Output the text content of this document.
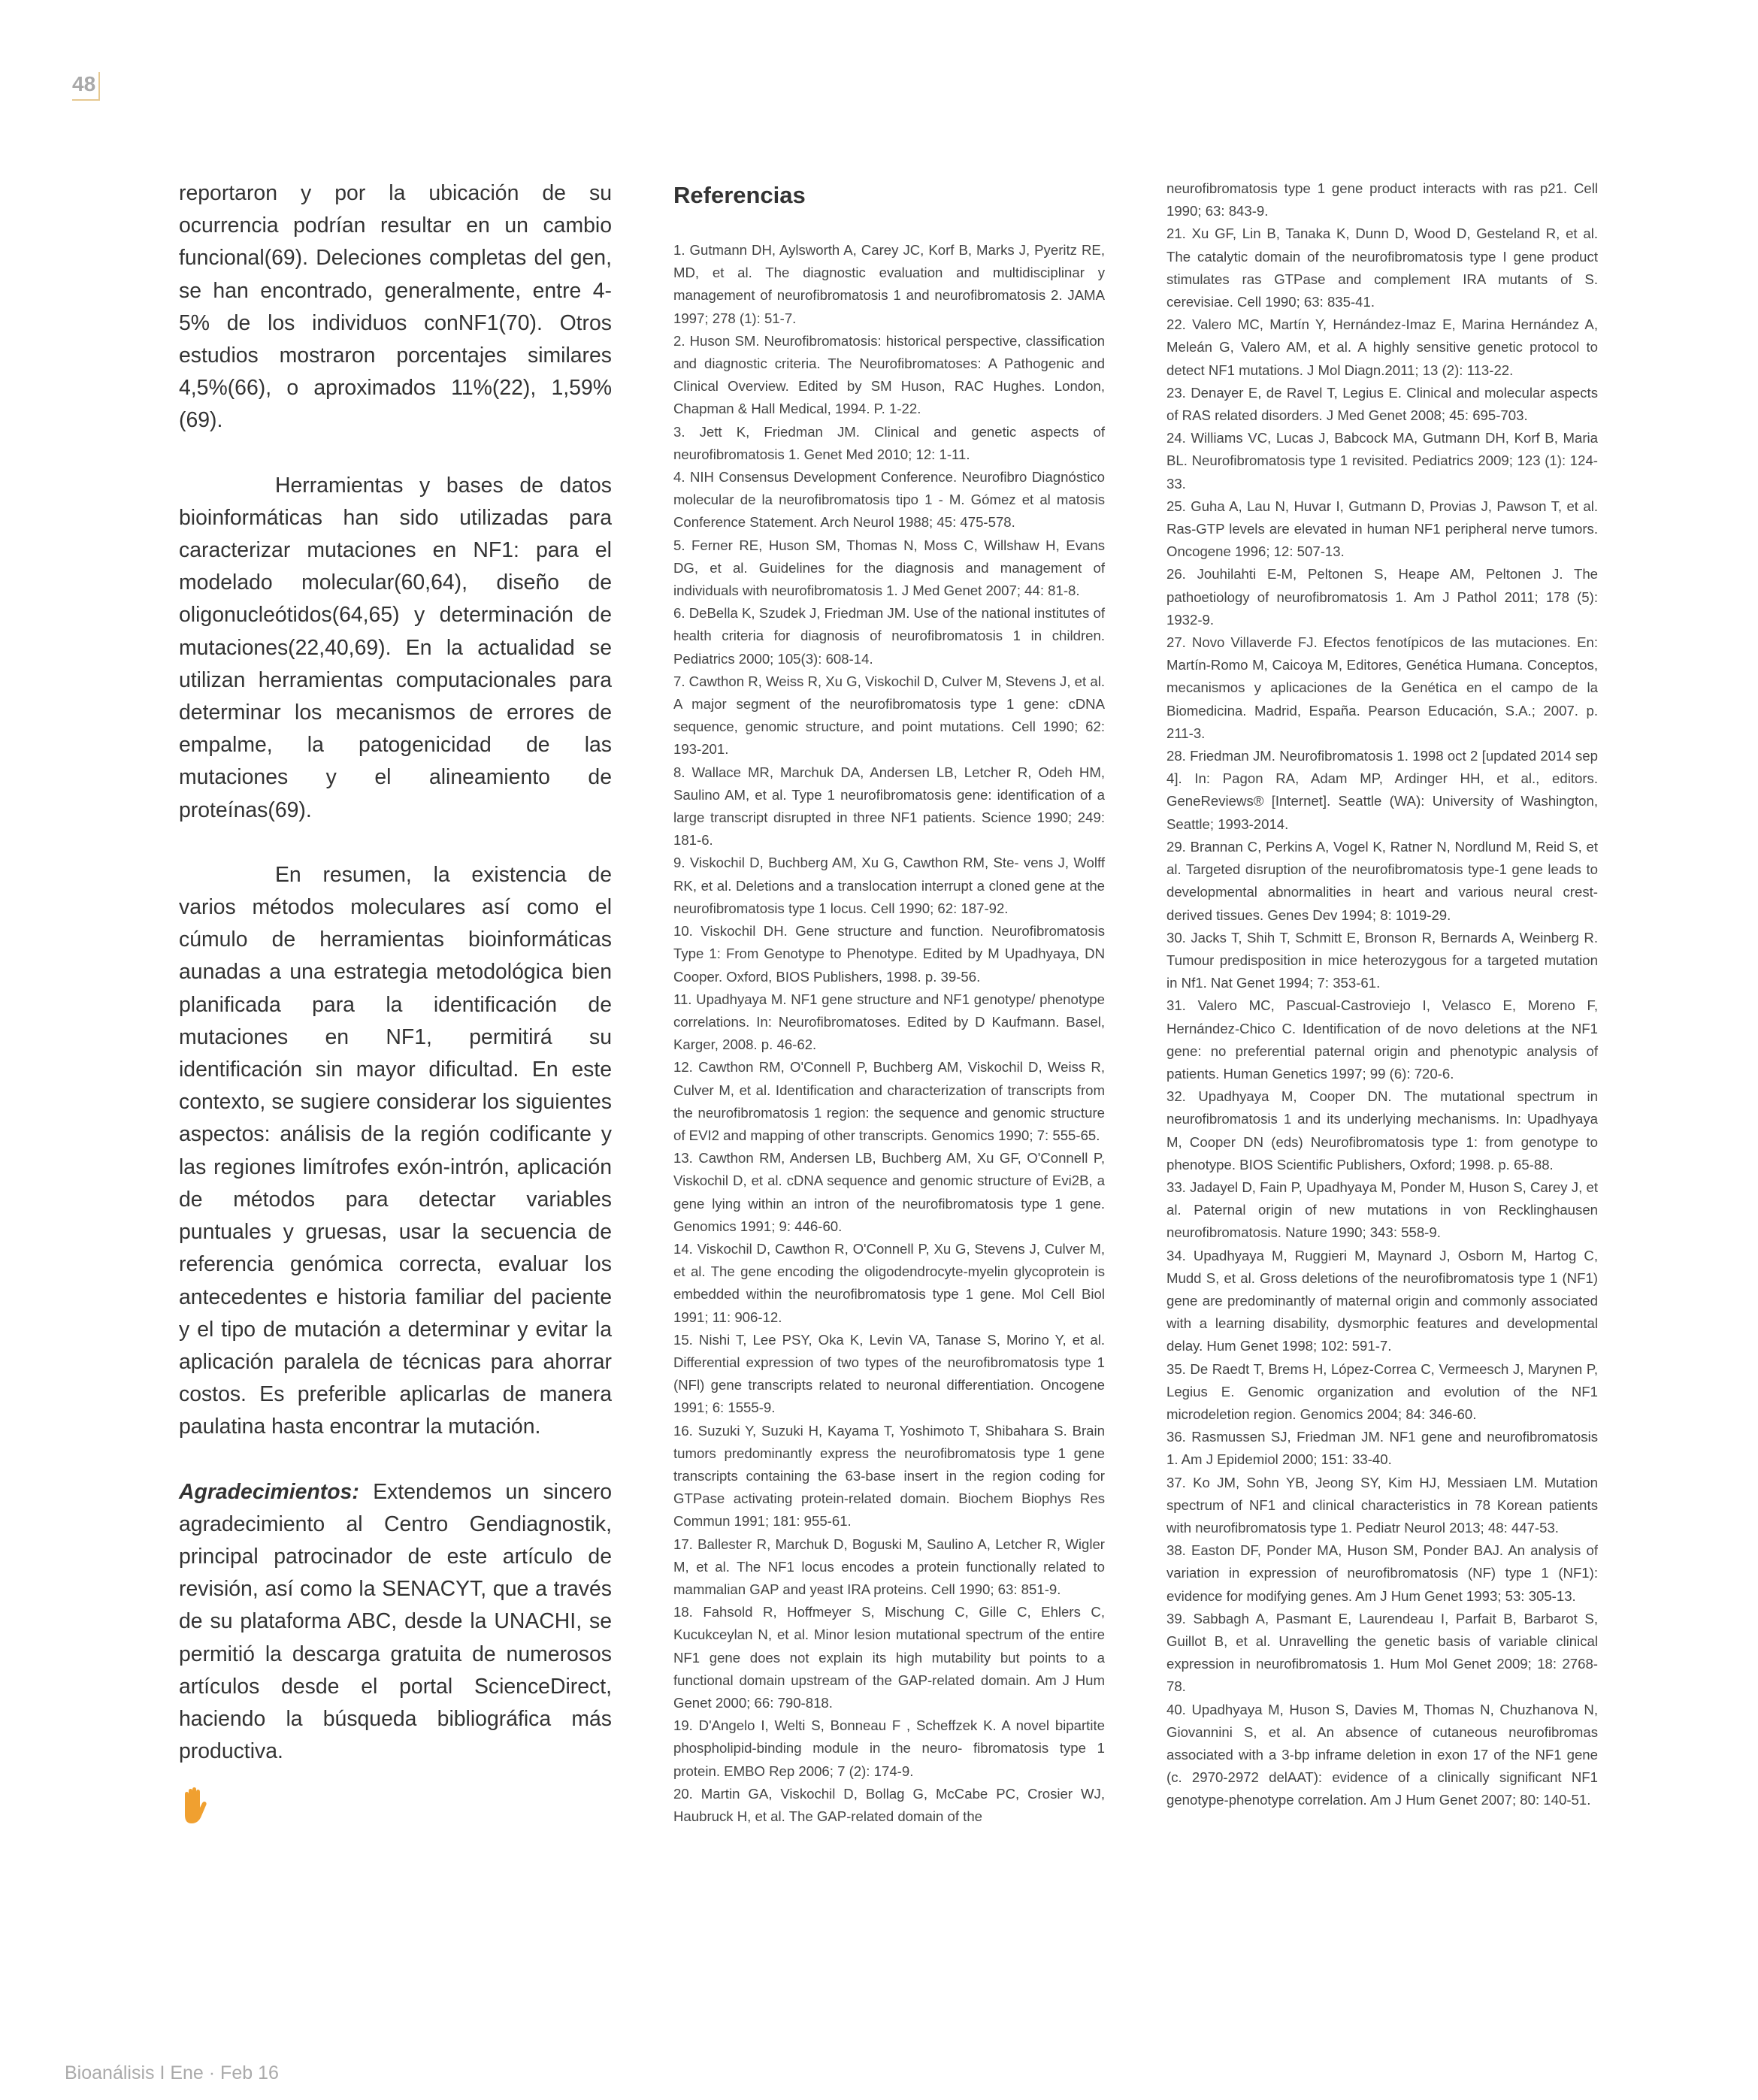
48

reportaron y por la ubicación de su ocurrencia podrían resultar en un cambio funcional(69). Deleciones completas del gen, se han encontrado, generalmente, entre 4-5% de los individuos conNF1(70). Otros estudios mostraron porcentajes similares 4,5%(66), o aproximados 11%(22), 1,59%(69).

Herramientas y bases de datos bioinformáticas han sido utilizadas para caracterizar mutaciones en NF1: para el modelado molecular(60,64), diseño de oligonucleótidos(64,65) y determinación de mutaciones(22,40,69). En la actualidad se utilizan herramientas computacionales para determinar los mecanismos de errores de empalme, la patogenicidad de las mutaciones y el alineamiento de proteínas(69).

En resumen, la existencia de varios métodos moleculares así como el cúmulo de herramientas bioinformáticas aunadas a una estrategia metodológica bien planificada para la identificación de mutaciones en NF1, permitirá su identificación sin mayor dificultad. En este contexto, se sugiere considerar los siguientes aspectos: análisis de la región codificante y las regiones limítrofes exón-intrón, aplicación de métodos para detectar variables puntuales y gruesas, usar la secuencia de referencia genómica correcta, evaluar los antecedentes e historia familiar del paciente y el tipo de mutación a determinar y evitar la aplicación paralela de técnicas para ahorrar costos. Es preferible aplicarlas de manera paulatina hasta encontrar la mutación.

Agradecimientos: Extendemos un sincero agradecimiento al Centro Gendiagnostik, principal patrocinador de este artículo de revisión, así como la SENACYT, que a través de su plataforma ABC, desde la UNACHI, se permitió la descarga gratuita de numerosos artículos desde el portal ScienceDirect, haciendo la búsqueda bibliográfica más productiva.

Referencias

1. Gutmann DH, Aylsworth A, Carey JC, Korf B, Marks J, Pyeritz RE, MD, et al. The diagnostic evaluation and multidisciplinar y management of neurofibromatosis 1 and neurofibromatosis 2. JAMA 1997; 278 (1): 51-7.

2. Huson SM. Neurofibromatosis: historical perspective, classification and diagnostic criteria. The Neurofibromatoses: A Pathogenic and Clinical Overview. Edited by SM Huson, RAC Hughes. London, Chapman & Hall Medical, 1994. P. 1-22.

3. Jett K, Friedman JM. Clinical and genetic aspects of neurofibromatosis 1. Genet Med 2010; 12: 1-11.

4. NIH Consensus Development Conference. Neurofibro Diagnóstico molecular de la neurofibromatosis tipo 1 - M. Gómez et al matosis Conference Statement. Arch Neurol 1988; 45: 475-578.

5. Ferner RE, Huson SM, Thomas N, Moss C, Willshaw H, Evans DG, et al. Guidelines for the diagnosis and management of individuals with neurofibromatosis 1. J Med Genet 2007; 44: 81-8.

6. DeBella K, Szudek J, Friedman JM. Use of the national institutes of health criteria for diagnosis of neurofibromatosis 1 in children. Pediatrics 2000; 105(3): 608-14.

7. Cawthon R, Weiss R, Xu G, Viskochil D, Culver M, Stevens J, et al. A major segment of the neurofibromatosis type 1 gene: cDNA sequence, genomic structure, and point mutations. Cell 1990; 62: 193-201.

8. Wallace MR, Marchuk DA, Andersen LB, Letcher R, Odeh HM, Saulino AM, et al. Type 1 neurofibromatosis gene: identification of a large transcript disrupted in three NF1 patients. Science 1990; 249: 181-6.

9. Viskochil D, Buchberg AM, Xu G, Cawthon RM, Ste- vens J, Wolff RK, et al. Deletions and a translocation interrupt a cloned gene at the neurofibromatosis type 1 locus. Cell 1990; 62: 187-92.

10. Viskochil DH. Gene structure and function. Neurofibromatosis Type 1: From Genotype to Phenotype. Edited by M Upadhyaya, DN Cooper. Oxford, BIOS Publishers, 1998. p. 39-56.

11. Upadhyaya M. NF1 gene structure and NF1 genotype/ phenotype correlations. In: Neurofibromatoses. Edited by D Kaufmann. Basel, Karger, 2008. p. 46-62.

12. Cawthon RM, O'Connell P, Buchberg AM, Viskochil D, Weiss R, Culver M, et al. Identification and characterization of transcripts from the neurofibromatosis 1 region: the sequence and genomic structure of EVI2 and mapping of other transcripts. Genomics 1990; 7: 555-65.

13. Cawthon RM, Andersen LB, Buchberg AM, Xu GF, O'Connell P, Viskochil D, et al. cDNA sequence and genomic structure of Evi2B, a gene lying within an intron of the neurofibromatosis type 1 gene. Genomics 1991; 9: 446-60.

14. Viskochil D, Cawthon R, O'Connell P, Xu G, Stevens J, Culver M, et al. The gene encoding the oligodendrocyte-myelin glycoprotein is embedded within the neurofibromatosis type 1 gene. Mol Cell Biol 1991; 11: 906-12.

15. Nishi T, Lee PSY, Oka K, Levin VA, Tanase S, Morino Y, et al. Differential expression of two types of the neurofibromatosis type 1 (NFl) gene transcripts related to neuronal differentiation. Oncogene 1991; 6: 1555-9.

16. Suzuki Y, Suzuki H, Kayama T, Yoshimoto T, Shibahara S. Brain tumors predominantly express the neurofibromatosis type 1 gene transcripts containing the 63-base insert in the region coding for GTPase activating protein-related domain. Biochem Biophys Res Commun 1991; 181: 955-61.

17. Ballester R, Marchuk D, Boguski M, Saulino A, Letcher R, Wigler M, et al. The NF1 locus encodes a protein functionally related to mammalian GAP and yeast IRA proteins. Cell 1990; 63: 851-9.

18. Fahsold R, Hoffmeyer S, Mischung C, Gille C, Ehlers C, Kucukceylan N, et al. Minor lesion mutational spectrum of the entire NF1 gene does not explain its high mutability but points to a functional domain upstream of the GAP-related domain. Am J Hum Genet 2000; 66: 790-818.

19. D'Angelo I, Welti S, Bonneau F , Scheffzek K. A novel bipartite phospholipid-binding module in the neuro- fibromatosis type 1 protein. EMBO Rep 2006; 7 (2): 174-9.

20. Martin GA, Viskochil D, Bollag G, McCabe PC, Crosier WJ, Haubruck H, et al. The GAP-related domain of the

neurofibromatosis type 1 gene product interacts with ras p21. Cell 1990; 63: 843-9.

21. Xu GF, Lin B, Tanaka K, Dunn D, Wood D, Gesteland R, et al. The catalytic domain of the neurofibromatosis type I gene product stimulates ras GTPase and complement IRA mutants of S. cerevisiae. Cell 1990; 63: 835-41.

22. Valero MC, Martín Y, Hernández-Imaz E, Marina Hernández A, Meleán G, Valero AM, et al. A highly sensitive genetic protocol to detect NF1 mutations. J Mol Diagn.2011; 13 (2): 113-22.

23. Denayer E, de Ravel T, Legius E. Clinical and molecular aspects of RAS related disorders. J Med Genet 2008; 45: 695-703.

24. Williams VC, Lucas J, Babcock MA, Gutmann DH, Korf B, Maria BL. Neurofibromatosis type 1 revisited. Pediatrics 2009; 123 (1): 124-33.

25. Guha A, Lau N, Huvar I, Gutmann D, Provias J, Pawson T, et al. Ras-GTP levels are elevated in human NF1 peripheral nerve tumors. Oncogene 1996; 12: 507-13.

26. Jouhilahti E-M, Peltonen S, Heape AM, Peltonen J. The pathoetiology of neurofibromatosis 1. Am J Pathol 2011; 178 (5): 1932-9.

27. Novo Villaverde FJ. Efectos fenotípicos de las mutaciones. En: Martín-Romo M, Caicoya M, Editores, Genética Humana. Conceptos, mecanismos y aplicaciones de la Genética en el campo de la Biomedicina. Madrid, España. Pearson Educación, S.A.; 2007. p. 211-3.

28. Friedman JM. Neurofibromatosis 1. 1998 oct 2 [updated 2014 sep 4]. In: Pagon RA, Adam MP, Ardinger HH, et al., editors. GeneReviews® [Internet]. Seattle (WA): University of Washington, Seattle; 1993-2014.

29. Brannan C, Perkins A, Vogel K, Ratner N, Nordlund M, Reid S, et al. Targeted disruption of the neurofibromatosis type-1 gene leads to developmental abnormalities in heart and various neural crest-derived tissues. Genes Dev 1994; 8: 1019-29.

30. Jacks T, Shih T, Schmitt E, Bronson R, Bernards A, Weinberg R. Tumour predisposition in mice heterozygous for a targeted mutation in Nf1. Nat Genet 1994; 7: 353-61.

31. Valero MC, Pascual-Castroviejo I, Velasco E, Moreno F, Hernández-Chico C. Identification of de novo deletions at the NF1 gene: no preferential paternal origin and phenotypic analysis of patients. Human Genetics 1997; 99 (6): 720-6.

32. Upadhyaya M, Cooper DN. The mutational spectrum in neurofibromatosis 1 and its underlying mechanisms. In: Upadhyaya M, Cooper DN (eds) Neurofibromatosis type 1: from genotype to phenotype. BIOS Scientific Publishers, Oxford; 1998. p. 65-88.

33. Jadayel D, Fain P, Upadhyaya M, Ponder M, Huson S, Carey J, et al. Paternal origin of new mutations in von Recklinghausen neurofibromatosis. Nature 1990; 343: 558-9.

34. Upadhyaya M, Ruggieri M, Maynard J, Osborn M, Hartog C, Mudd S, et al. Gross deletions of the neurofibromatosis type 1 (NF1) gene are predominantly of maternal origin and commonly associated with a learning disability, dysmorphic features and developmental delay. Hum Genet 1998; 102: 591-7.

35. De Raedt T, Brems H, López-Correa C, Vermeesch J, Marynen P, Legius E. Genomic organization and evolution of the NF1 microdeletion region. Genomics 2004; 84: 346-60.

36. Rasmussen SJ, Friedman JM. NF1 gene and neurofibromatosis 1. Am J Epidemiol 2000; 151: 33-40.

37. Ko JM, Sohn YB, Jeong SY, Kim HJ, Messiaen LM. Mutation spectrum of NF1 and clinical characteristics in 78 Korean patients with neurofibromatosis type 1. Pediatr Neurol 2013; 48: 447-53.

38. Easton DF, Ponder MA, Huson SM, Ponder BAJ. An analysis of variation in expression of neurofibromatosis (NF) type 1 (NF1): evidence for modifying genes. Am J Hum Genet 1993; 53: 305-13.

39. Sabbagh A, Pasmant E, Laurendeau I, Parfait B, Barbarot S, Guillot B, et al. Unravelling the genetic basis of variable clinical expression in neurofibromatosis 1. Hum Mol Genet 2009; 18: 2768-78.

40. Upadhyaya M, Huson S, Davies M, Thomas N, Chuzhanova N, Giovannini S, et al. An absence of cutaneous neurofibromas associated with a 3-bp inframe deletion in exon 17 of the NF1 gene (c. 2970-2972 delAAT): evidence of a clinically significant NF1 genotype-phenotype correlation. Am J Hum Genet 2007; 80: 140-51.

Bioanálisis I Ene · Feb 16
